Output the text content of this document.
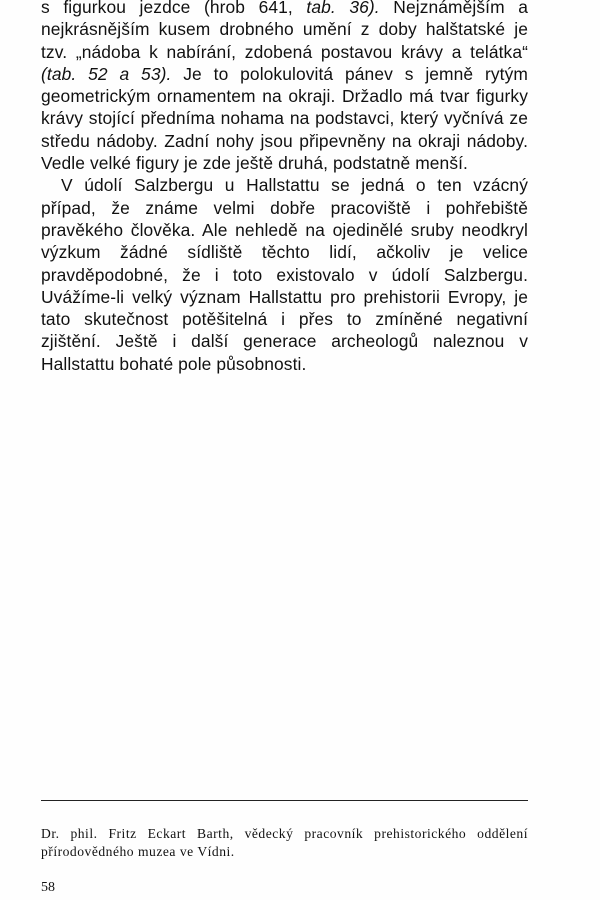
s figurkou jezdce (hrob 641, tab. 36). Nejznámějším a nejkrásnějším kusem drobného umění z doby halštatské je tzv. „nádoba k nabírání, zdobená postavou krávy a telátka“ (tab. 52 a 53). Je to polokulovitá pánev s jemně rytým geometrickým ornamentem na okraji. Držadlo má tvar figurky krávy stojící předníma nohama na podstavci, který vyčnívá ze středu nádoby. Zadní nohy jsou připevněny na okraji nádoby. Vedle velké figury je zde ještě druhá, podstatně menší.

V údolí Salzbergu u Hallstattu se jedná o ten vzácný případ, že známe velmi dobře pracoviště i pohřebiště pravěkého člověka. Ale nehledě na ojedinělé sruby neodkryl výzkum žádné sídliště těchto lidí, ačkoliv je velice pravděpodobné, že i toto existovalo v údolí Salzbergu. Uvážíme-li velký význam Hallstattu pro prehistorii Evropy, je tato skutečnost potěšitelná i přes to zmíněné negativní zjištění. Ještě i další generace archeologů naleznou v Hallstattu bohaté pole působnosti.

Dr. phil. Fritz Eckart Barth, vědecký pracovník prehistorického oddělení přírodovědného muzea ve Vídni.
58
